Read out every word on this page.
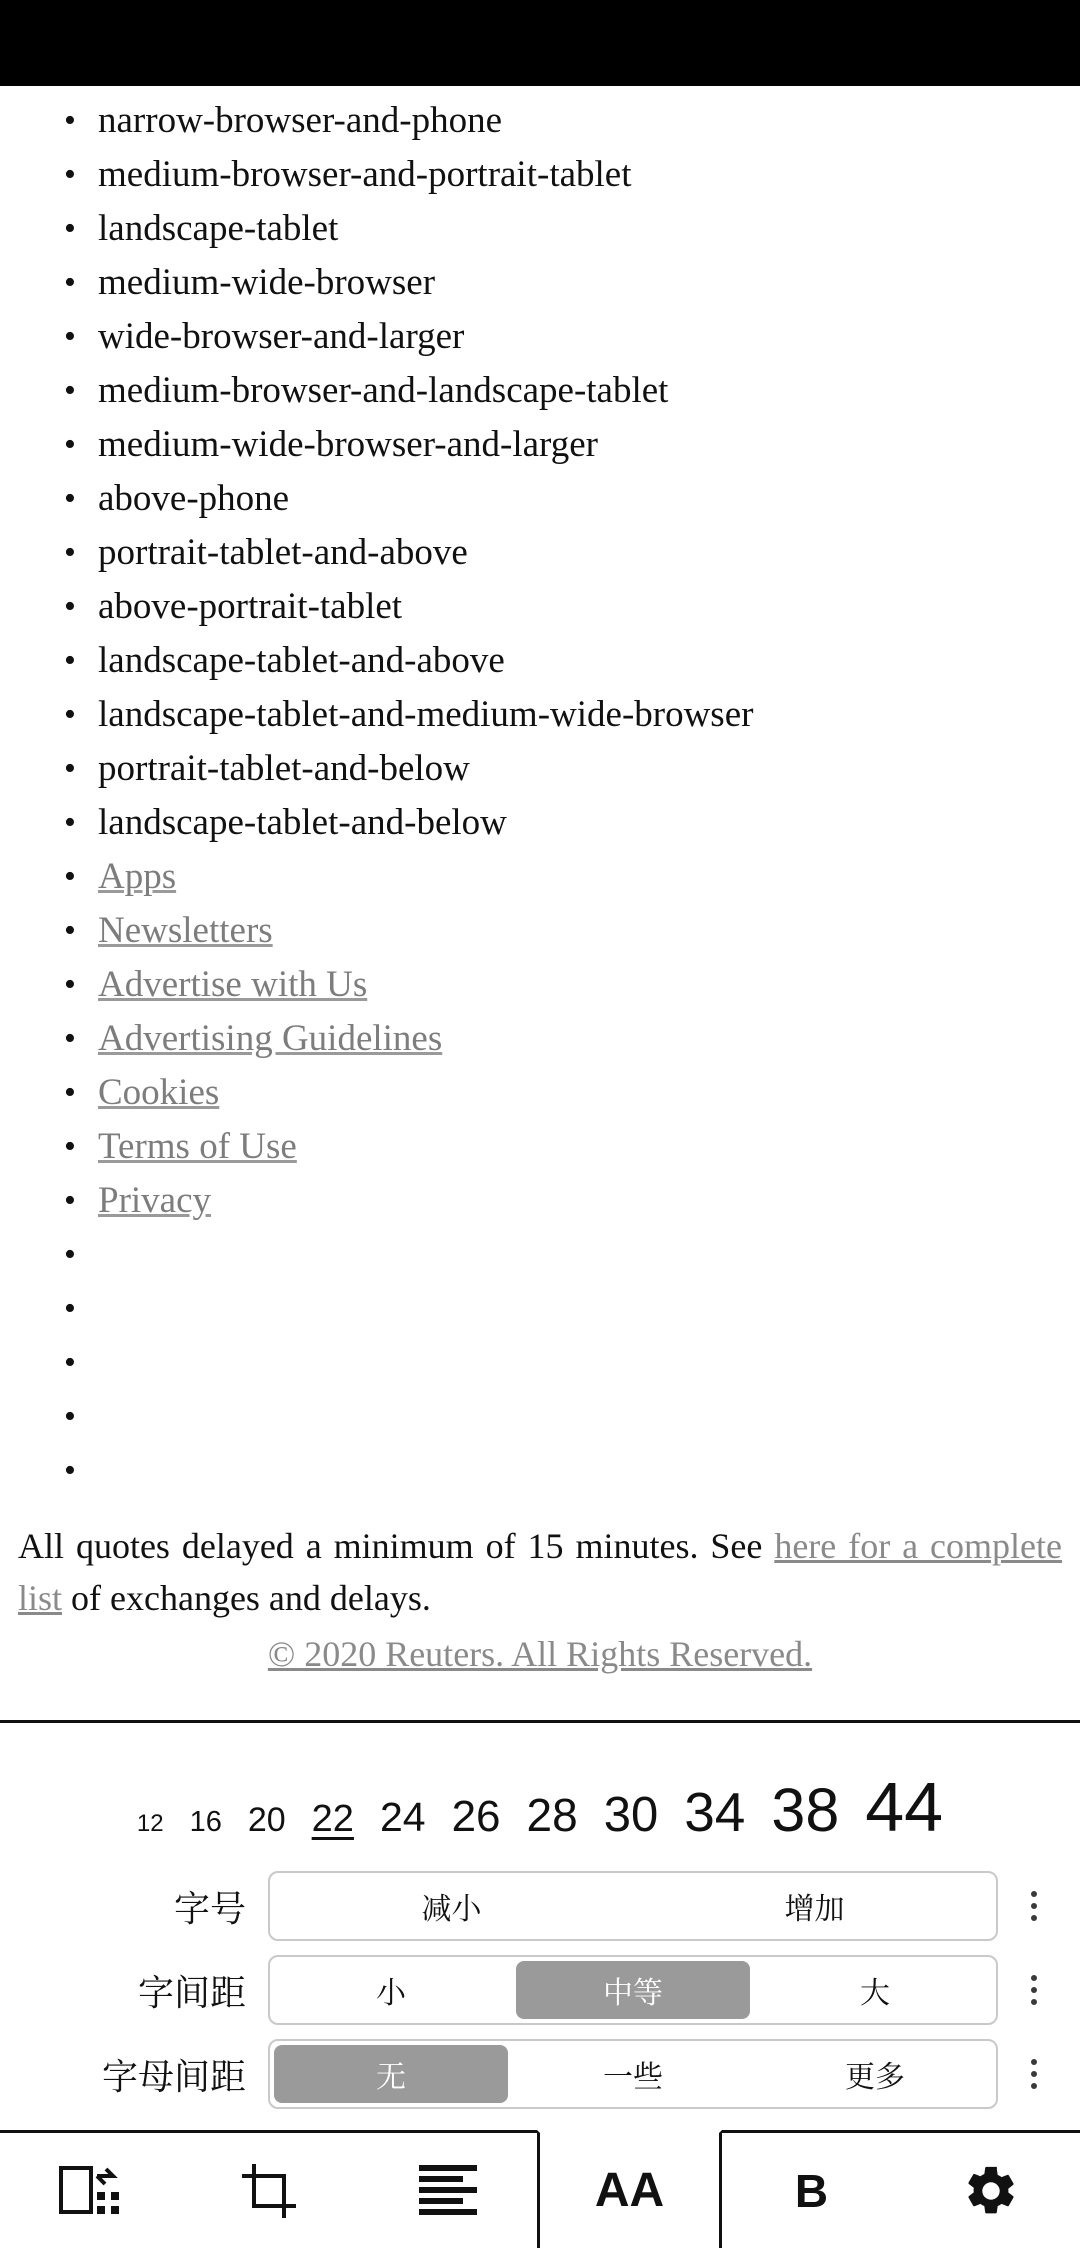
• narrow-browser-and-phone
• medium-browser-and-portrait-tablet
• landscape-tablet
• medium-wide-browser
• wide-browser-and-larger
• medium-browser-and-landscape-tablet
• medium-wide-browser-and-larger
• above-phone
• portrait-tablet-and-above
• above-portrait-tablet
• landscape-tablet-and-above
• landscape-tablet-and-medium-wide-browser
• portrait-tablet-and-below
• landscape-tablet-and-below
• Apps
• Newsletters
• Advertise with Us
• Advertising Guidelines
• Cookies
• Terms of Use
• Privacy
•
•
•
•
•

All quotes delayed a minimum of 15 minutes. See here for a complete list of exchanges and delays.

© 2020 Reuters. All Rights Reserved.
12 16 20 22 24 26 28 30 34 38 44
字号	减小	增加
字间距	小	中等	大
字母间距	无	一些	更多
AA	B
